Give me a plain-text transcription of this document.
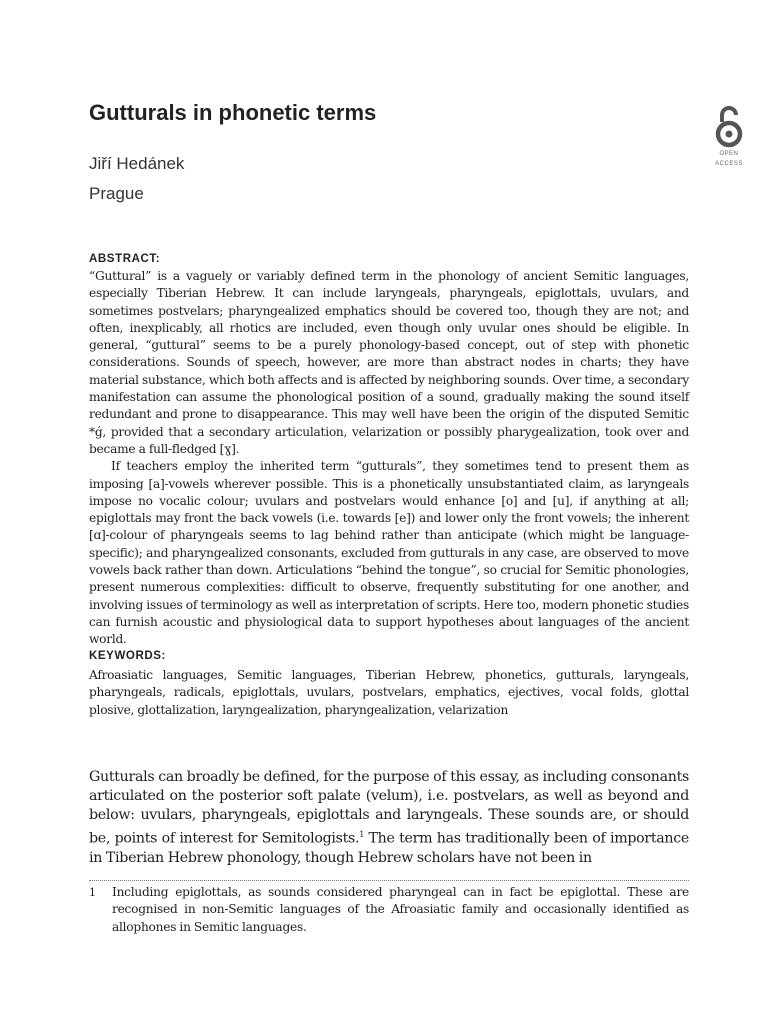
Gutturals in phonetic terms
OPEN
ACCESS
Jiří Hedánek
Prague
ABSTRACT:

“Guttural” is a vaguely or variably defined term in the phonology of ancient Semitic languages, especially Tiberian Hebrew. It can include laryngeals, pharyngeals, epiglottals, uvulars, and sometimes postvelars; pharyngealized emphatics should be covered too, though they are not; and often, inexplicably, all rhotics are included, even though only uvular ones should be eligible. In general, “guttural” seems to be a purely phonology-based concept, out of step with phonetic considerations. Sounds of speech, however, are more than abstract nodes in charts; they have material substance, which both affects and is affected by neighboring sounds. Over time, a secondary manifestation can assume the phonological position of a sound, gradually making the sound itself redundant and prone to disappearance. This may well have been the origin of the disputed Semitic *ǵ, provided that a secondary articulation, velarization or possibly pharygealization, took over and became a full-fledged [ɣ].

If teachers employ the inherited term “gutturals”, they sometimes tend to present them as imposing [a]-vowels wherever possible. This is a phonetically unsubstantiated claim, as laryngeals impose no vocalic colour; uvulars and postvelars would enhance [o] and [u], if anything at all; epiglottals may front the back vowels (i.e. towards [e]) and lower only the front vowels; the inherent [ɑ]-colour of pharyngeals seems to lag behind rather than anticipate (which might be language-specific); and pharyngealized consonants, excluded from gutturals in any case, are observed to move vowels back rather than down. Articulations “behind the tongue”, so crucial for Semitic phonologies, present numerous complexities: difficult to observe, frequently substituting for one another, and involving issues of terminology as well as interpretation of scripts. Here too, modern phonetic studies can furnish acoustic and physiological data to support hypotheses about languages of the ancient world.

KEYWORDS:
Afroasiatic languages, Semitic languages, Tiberian Hebrew, phonetics, gutturals, laryngeals, pharyngeals, radicals, epiglottals, uvulars, postvelars, emphatics, ejectives, vocal folds, glottal plosive, glottalization, laryngealization, pharyngealization, velarization
Gutturals can broadly be defined, for the purpose of this essay, as including consonants articulated on the posterior soft palate (velum), i.e. postvelars, as well as beyond and below: uvulars, pharyngeals, epiglottals and laryngeals. These sounds are, or should be, points of interest for Semitologists.$^1$ The term has traditionally been of importance in Tiberian Hebrew phonology, though Hebrew scholars have not been in
1	Including epiglottals, as sounds considered pharyngeal can in fact be epiglottal. These are recognised in non-Semitic languages of the Afroasiatic family and occasionally identified as allophones in Semitic languages.
